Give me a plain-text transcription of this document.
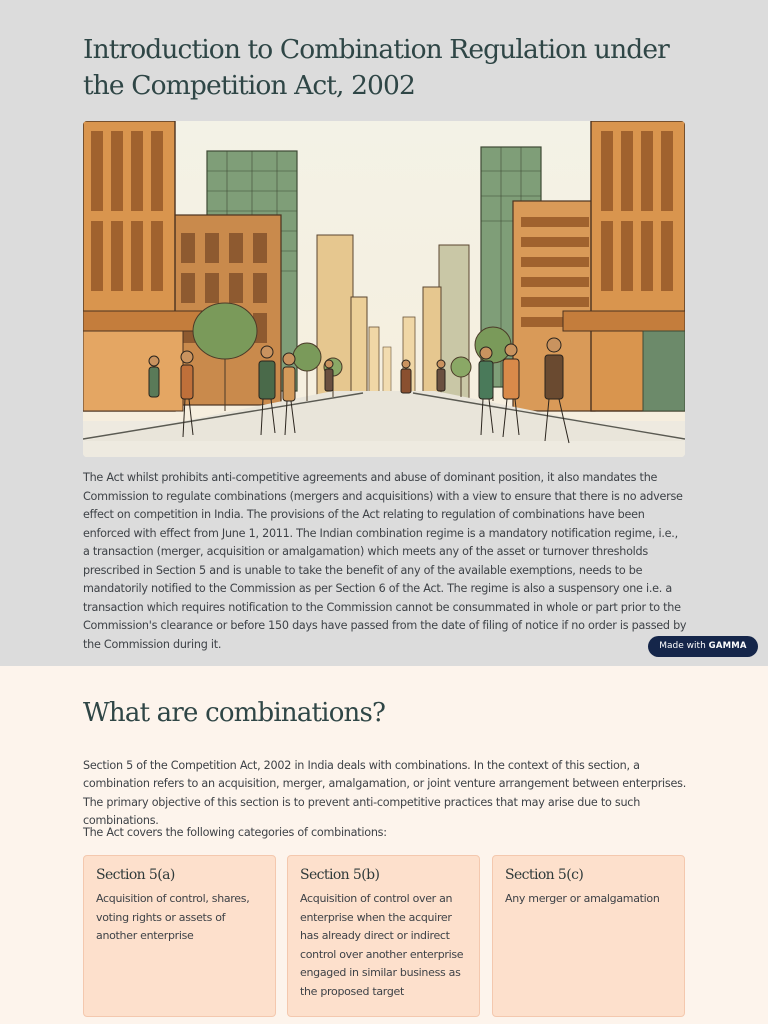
Introduction to Combination Regulation under the Competition Act, 2002

The Act whilst prohibits anti-competitive agreements and abuse of dominant position, it also mandates the Commission to regulate combinations (mergers and acquisitions) with a view to ensure that there is no adverse effect on competition in India. The provisions of the Act relating to regulation of combinations have been enforced with effect from June 1, 2011. The Indian combination regime is a mandatory notification regime, i.e., a transaction (merger, acquisition or amalgamation) which meets any of the asset or turnover thresholds prescribed in Section 5 and is unable to take the benefit of any of the available exemptions, needs to be mandatorily notified to the Commission as per Section 6 of the Act. The regime is also a suspensory one i.e. a transaction which requires notification to the Commission cannot be consummated in whole or part prior to the Commission's clearance or before 150 days have passed from the date of filing of notice if no order is passed by the Commission during it.	Made with GAMMA
What are combinations?

Section 5 of the Competition Act, 2002 in India deals with combinations. In the context of this section, a combination refers to an acquisition, merger, amalgamation, or joint venture arrangement between enterprises. The primary objective of this section is to prevent anti-competitive practices that may arise due to such combinations.

The Act covers the following categories of combinations:

Section 5(a)

Acquisition of control, shares, voting rights or assets of another enterprise

Section 5(b)

Acquisition of control over an enterprise when the acquirer has already direct or indirect control over another enterprise engaged in similar business as the proposed target

Section 5(c)

Any merger or amalgamation
